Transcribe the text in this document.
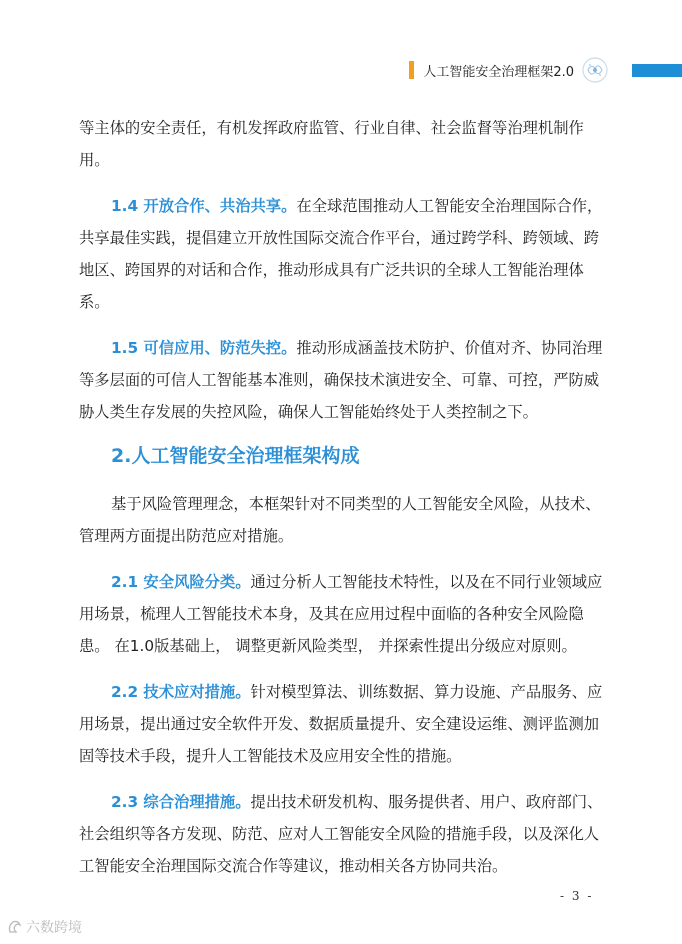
人工智能安全治理框架2.0

等主体的安全责任，有机发挥政府监管、行业自律、社会监督等治理机制作用。

1.4 开放合作、共治共享。在全球范围推动人工智能安全治理国际合作，共享最佳实践，提倡建立开放性国际交流合作平台，通过跨学科、跨领域、跨地区、跨国界的对话和合作，推动形成具有广泛共识的全球人工智能治理体系。

1.5 可信应用、防范失控。推动形成涵盖技术防护、价值对齐、协同治理等多层面的可信人工智能基本准则，确保技术演进安全、可靠、可控，严防威胁人类生存发展的失控风险，确保人工智能始终处于人类控制之下。

2.人工智能安全治理框架构成

基于风险管理理念，本框架针对不同类型的人工智能安全风险，从技术、管理两方面提出防范应对措施。

2.1 安全风险分类。通过分析人工智能技术特性，以及在不同行业领域应用场景，梳理人工智能技术本身，及其在应用过程中面临的各种安全风险隐患。 在1.0版基础上， 调整更新风险类型， 并探索性提出分级应对原则。

2.2 技术应对措施。针对模型算法、训练数据、算力设施、产品服务、应用场景，提出通过安全软件开发、数据质量提升、安全建设运维、测评监测加固等技术手段，提升人工智能技术及应用安全性的措施。

2.3 综合治理措施。提出技术研发机构、服务提供者、用户、政府部门、社会组织等各方发现、防范、应对人工智能安全风险的措施手段，以及深化人工智能安全治理国际交流合作等建议，推动相关各方协同共治。

- 3 -
六数跨境
